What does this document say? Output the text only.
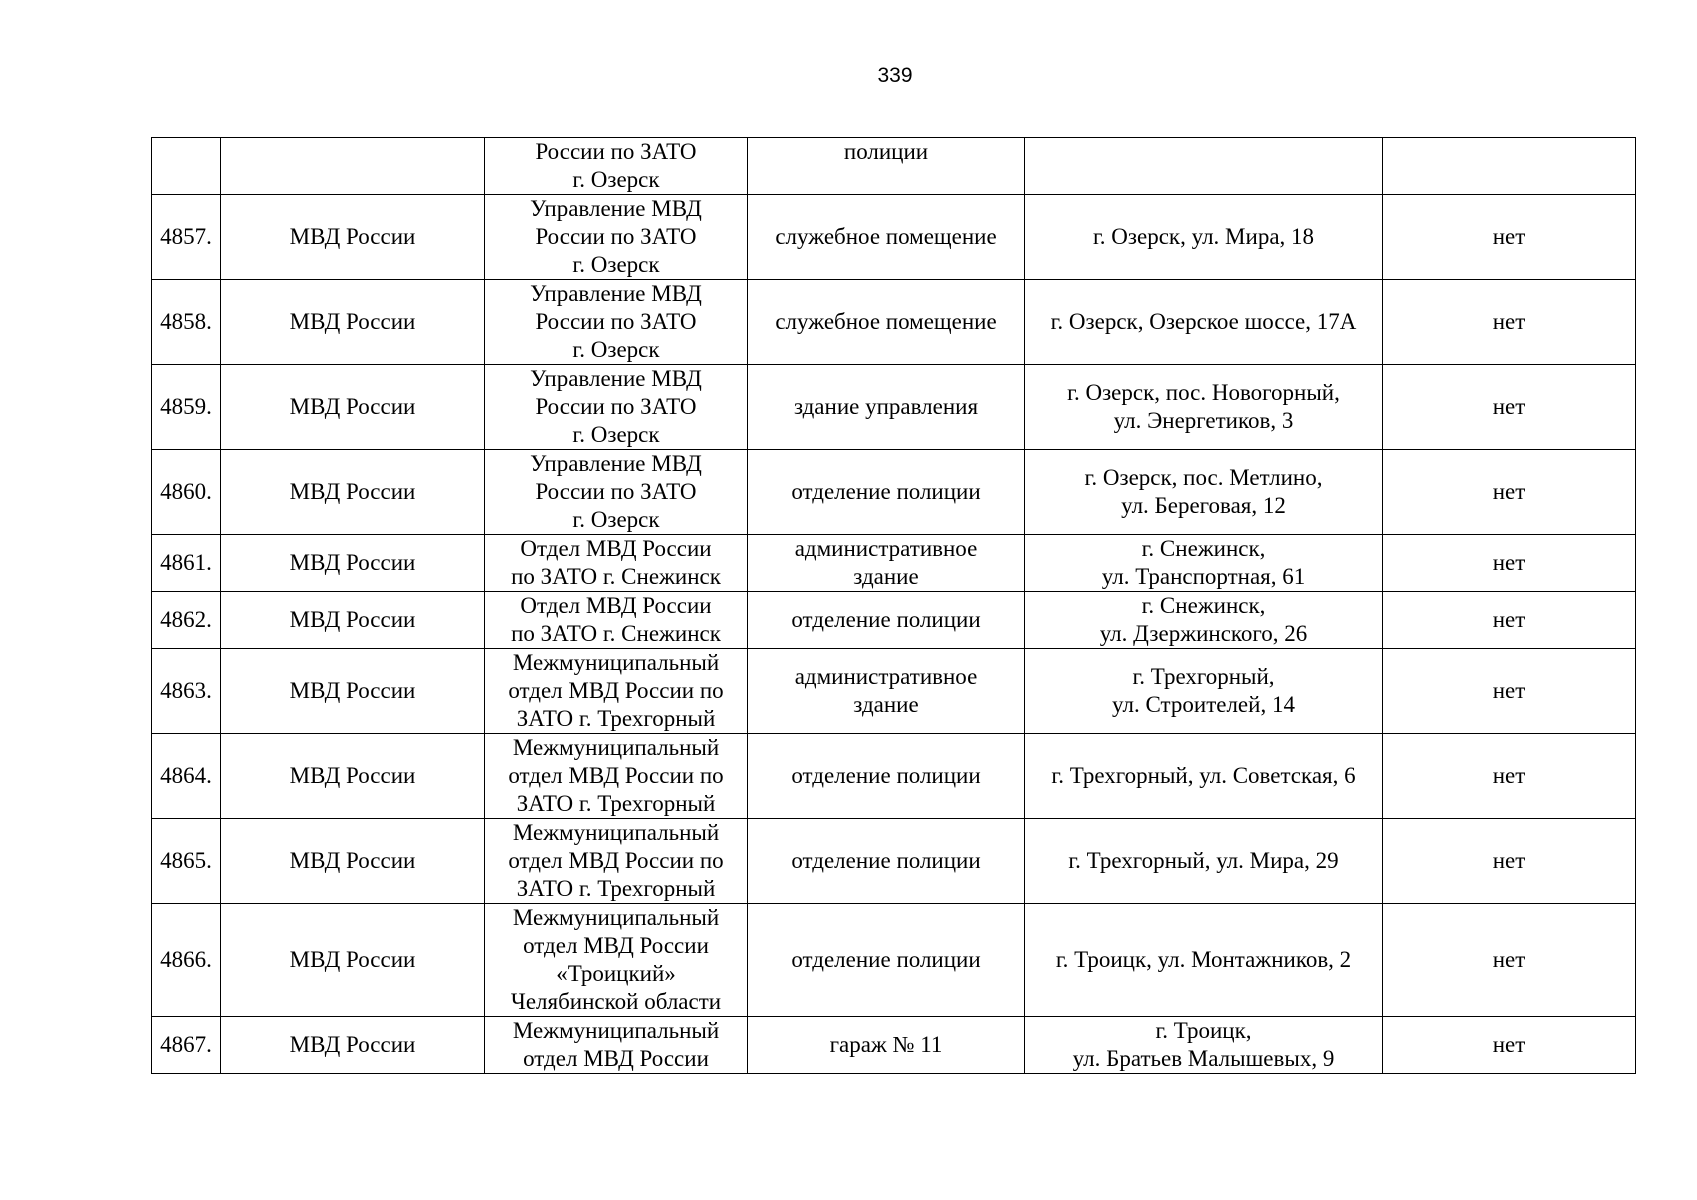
339
		России по ЗАТО
г. Озерск	полиции		
4857.	МВД России	Управление МВД
России по ЗАТО
г. Озерск	служебное помещение	г. Озерск, ул. Мира, 18	нет
4858.	МВД России	Управление МВД
России по ЗАТО
г. Озерск	служебное помещение	г. Озерск, Озерское шоссе, 17А	нет
4859.	МВД России	Управление МВД
России по ЗАТО
г. Озерск	здание управления	г. Озерск, пос. Новогорный,
ул. Энергетиков, 3	нет
4860.	МВД России	Управление МВД
России по ЗАТО
г. Озерск	отделение полиции	г. Озерск, пос. Метлино,
ул. Береговая, 12	нет
4861.	МВД России	Отдел МВД России
по ЗАТО г. Снежинск	административное
здание	г. Снежинск,
ул. Транспортная, 61	нет
4862.	МВД России	Отдел МВД России
по ЗАТО г. Снежинск	отделение полиции	г. Снежинск,
ул. Дзержинского, 26	нет
4863.	МВД России	Межмуниципальный
отдел МВД России по
ЗАТО г. Трехгорный	административное
здание	г. Трехгорный,
ул. Строителей, 14	нет
4864.	МВД России	Межмуниципальный
отдел МВД России по
ЗАТО г. Трехгорный	отделение полиции	г. Трехгорный, ул. Советская, 6	нет
4865.	МВД России	Межмуниципальный
отдел МВД России по
ЗАТО г. Трехгорный	отделение полиции	г. Трехгорный, ул. Мира, 29	нет
4866.	МВД России	Межмуниципальный
отдел МВД России
«Троицкий»
Челябинской области	отделение полиции	г. Троицк, ул. Монтажников, 2	нет
4867.	МВД России	Межмуниципальный
отдел МВД России	гараж № 11	г. Троицк,
ул. Братьев Малышевых, 9	нет
